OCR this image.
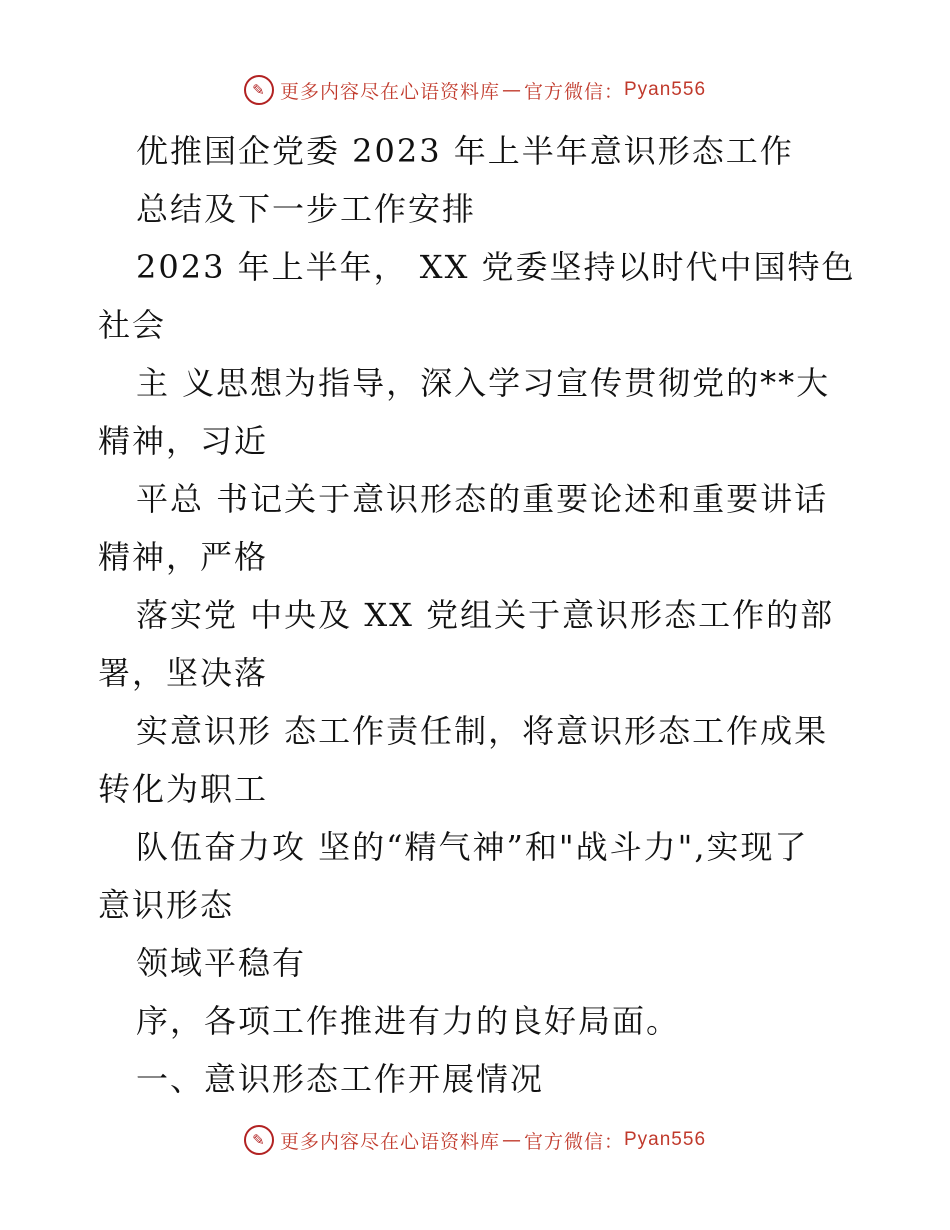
✎ 更多内容尽在心语资料库 — 官方微信： Pyan556
优推国企党委 2023 年上半年意识形态工作
总结及下一步工作安排
2023 年上半年， XX 党委坚持以时代中国特色
社会
主 义思想为指导，深入学习宣传贯彻党的**大
精神，习近
平总 书记关于意识形态的重要论述和重要讲话
精神，严格
落实党 中央及 XX 党组关于意识形态工作的部
署，坚决落
实意识形 态工作责任制，将意识形态工作成果
转化为职工
队伍奋力攻 坚的“精气神”和"战斗力",实现了
意识形态
领域平稳有
序，各项工作推进有力的良好局面。
一、意识形态工作开展情况
✎ 更多内容尽在心语资料库 — 官方微信： Pyan556
